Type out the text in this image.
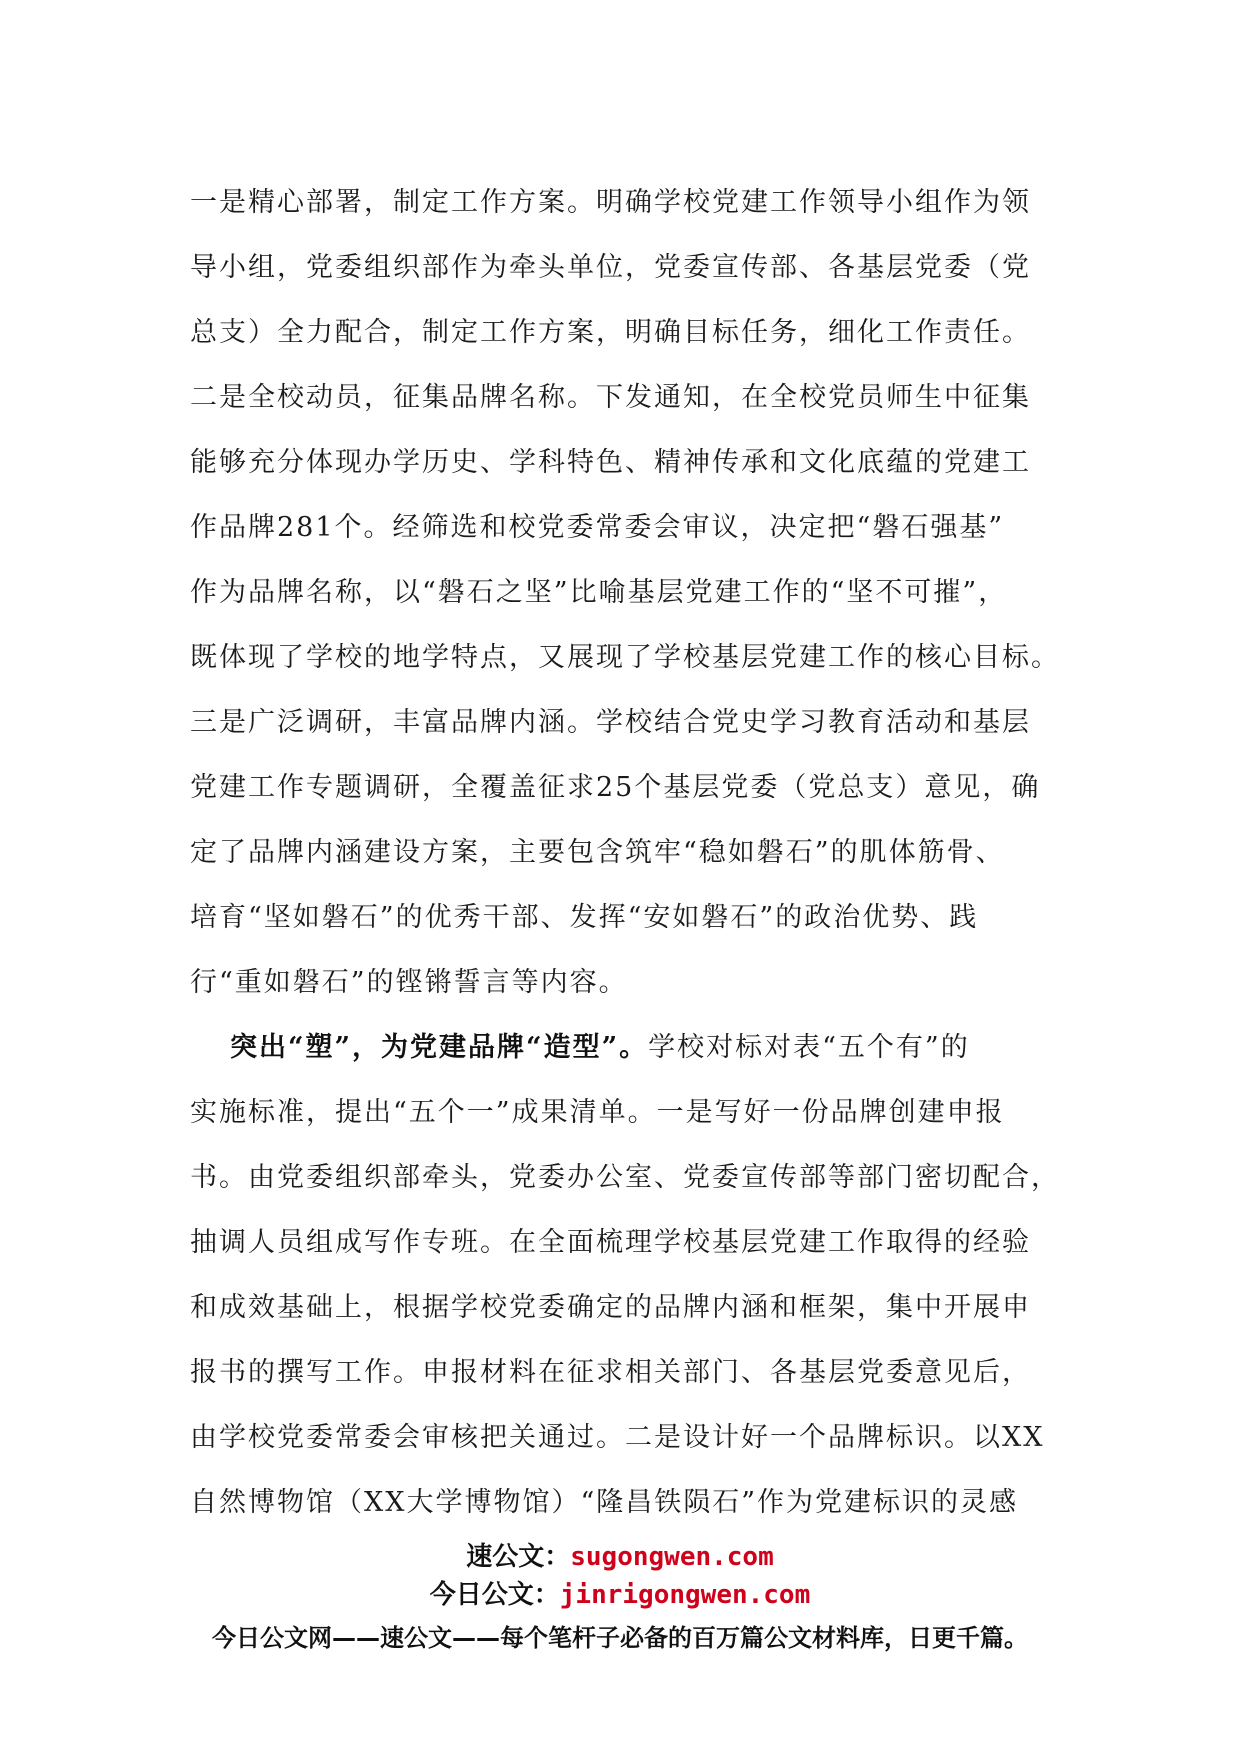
一是精心部署，制定工作方案。明确学校党建工作领导小组作为领
导小组，党委组织部作为牵头单位，党委宣传部、各基层党委（党
总支）全力配合，制定工作方案，明确目标任务，细化工作责任。
二是全校动员，征集品牌名称。下发通知，在全校党员师生中征集
能够充分体现办学历史、学科特色、精神传承和文化底蕴的党建工
作品牌281个。经筛选和校党委常委会审议，决定把“磐石强基”
作为品牌名称，以“磐石之坚”比喻基层党建工作的“坚不可摧”，
既体现了学校的地学特点，又展现了学校基层党建工作的核心目标。
三是广泛调研，丰富品牌内涵。学校结合党史学习教育活动和基层
党建工作专题调研，全覆盖征求25个基层党委（党总支）意见，确
定了品牌内涵建设方案，主要包含筑牢“稳如磐石”的肌体筋骨、
培育“坚如磐石”的优秀干部、发挥“安如磐石”的政治优势、践
行“重如磐石”的铿锵誓言等内容。
突出“塑”，为党建品牌“造型”。学校对标对表“五个有”的
实施标准，提出“五个一”成果清单。一是写好一份品牌创建申报
书。由党委组织部牵头，党委办公室、党委宣传部等部门密切配合，
抽调人员组成写作专班。在全面梳理学校基层党建工作取得的经验
和成效基础上，根据学校党委确定的品牌内涵和框架，集中开展申
报书的撰写工作。申报材料在征求相关部门、各基层党委意见后，
由学校党委常委会审核把关通过。二是设计好一个品牌标识。以XX
自然博物馆（XX大学博物馆）“隆昌铁陨石”作为党建标识的灵感
速公文：sugongwen.com
今日公文：jinrigongwen.com
今日公文网——速公文——每个笔杆子必备的百万篇公文材料库，日更千篇。
